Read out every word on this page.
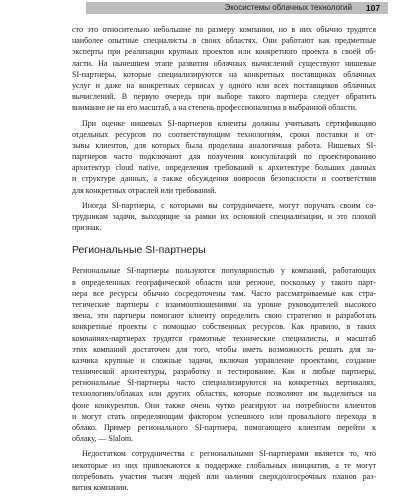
Экосистемы облачных технологий	107
сто это относительно небольшие по размеру компании, но в них обычно трудятся
наиболее опытные специалисты в своих областях. Они работают как предметные
эксперты при реализации крупных проектов или конкретного проекта в своей об-
ласти. На нынешнем этапе развития облачных вычислений существуют нишевые
SI-партнеры, которые специализируются на конкретных поставщиках облачных
услуг и даже на конкретных сервисах у одного или всех поставщиков облачных
вычислений. В первую очередь при выборе такого партнера следует обратить
внимание не на его масштаб, а на степень профессионализма в выбранной области.
При оценке нишевых SI-партнеров клиенты должны учитывать сертификацию
отдельных ресурсов по соответствующим технологиям, сроки поставки и от-
зывы клиентов, для которых была проделана аналогичная работа. Нишевых SI-
партнеров часто подключают для получения консультаций по проектированию
архитектур cloud native, определения требований к архитектуре больших данных
и структуре данных, а также обсуждения вопросов безопасности и соответствия
для конкретных отраслей или требований.
Иногда SI-партнеры, с которыми вы сотрудничаете, могут поручать своим со-
трудникам задачи, выходящие за рамки их основной специализации, и это плохой
признак.
Региональные SI-партнеры
Региональные SI-партнеры пользуются популярностью у компаний, работающих
в определенных географической области или регионе, поскольку у такого парт-
нера все ресурсы обычно сосредоточены там. Часто рассматриваемые как стра-
тегические партнеры с взаимоотношениями на уровне руководителей высокого
звена, эти партнеры помогают клиенту определить свою стратегию и разработать
конкретные проекты с помощью собственных ресурсов. Как правило, в таких
компаниях-партнерах трудятся грамотные технические специалисты, и масштаб
этих компаний достаточен для того, чтобы иметь возможность решать для за-
казчика крупные и сложные задачи, включая управление проектами, создание
технической архитектуры, разработку и тестирование. Как и любые партнеры,
региональные SI-партнеры часто специализируются на конкретных вертикалях,
технологиях/облаках или других областях, которые позволяют им выделиться на
фоне конкурентов. Они также очень чутко реагируют на потребности клиентов
и могут стать определяющим фактором успешного или провального перехода в
облако. Пример регионального SI-партнера, помогающего клиентам перейти к
облаку, — Slalom.
Недостатком сотрудничества с региональными SI-партнерами является то, что
некоторые из них привлекаются к поддержке глобальных инициатив, а те могут
потребовать участия тысяч людей или наличия сверхдолгосрочных планов раз-
вития компании.
